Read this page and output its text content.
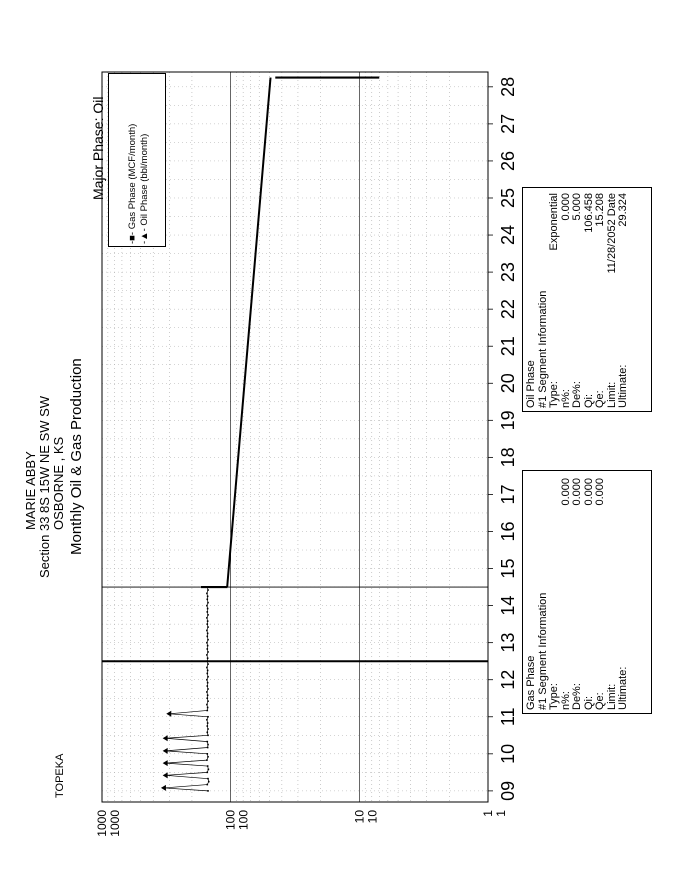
09
10
11
12
13
14
15
16
17
18
19
20
21
22
23
24
25
26
27
28
1 1
10 10
100 100
1000 1000
TOPEKA
MARIE ABBY Section 33 8S 15W NE SW SW OSBORNE , KS Monthly Oil & Gas Production
Major Phase: Oil
-■- Gas Phase (MCF/month)
-▲- Oil Phase (bbl/month)
Gas Phase #1 Segment Information Type: n%:
0.000
De%:
0.000
Qi:
0.000
Qe:
0.000
Limit: Ultimate:
Oil Phase #1 Segment Information Type:
Exponential
n%:
0.000
De%:
5.000
Qi:
106.458
Qe:
15.208
Limit:
11/28/2052 Date
Ultimate:
29.324
